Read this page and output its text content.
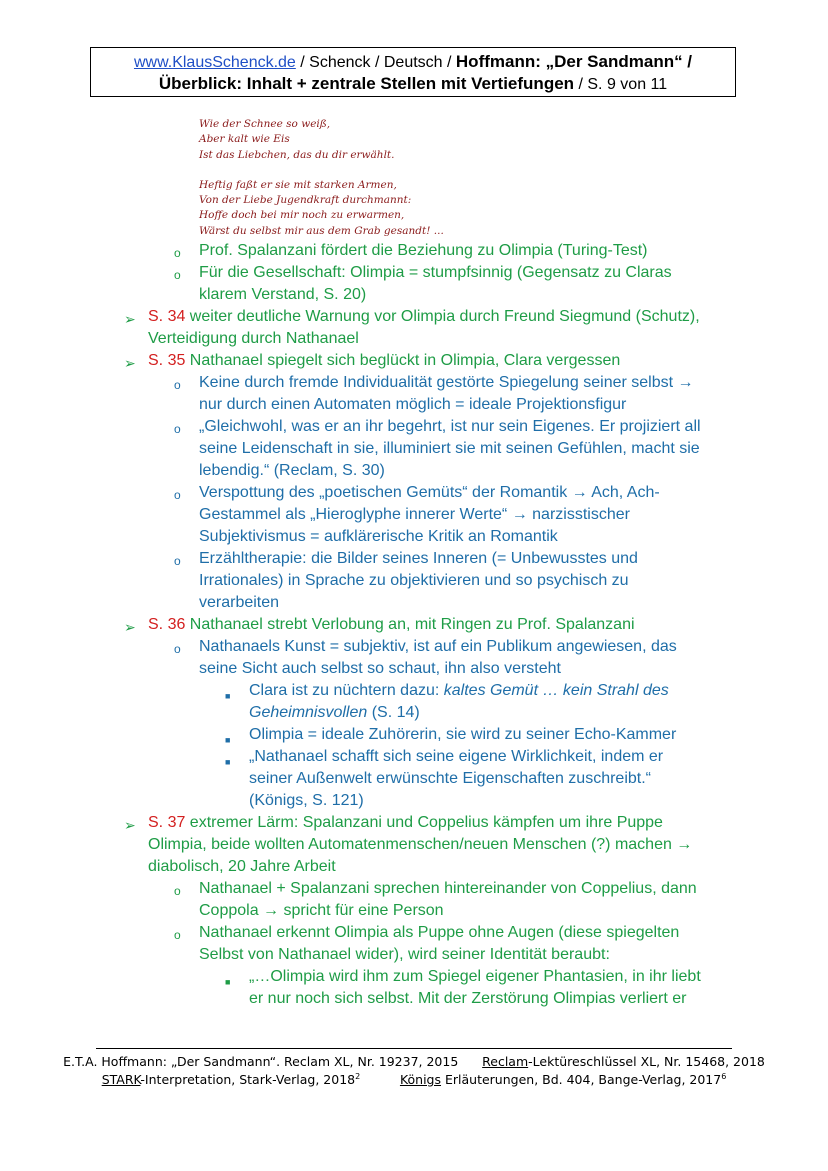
www.KlausSchenck.de / Schenck / Deutsch / Hoffmann: „Der Sandmann“ /
Überblick: Inhalt + zentrale Stellen mit Vertiefungen / S. 9 von 11
Wie der Schnee so weiß,
Aber kalt wie Eis
Ist das Liebchen, das du dir erwählt.
Heftig faßt er sie mit starken Armen,
Von der Liebe Jugendkraft durchmannt:
Hoffe doch bei mir noch zu erwarmen,
Wärst du selbst mir aus dem Grab gesandt! ...
o Prof. Spalanzani fördert die Beziehung zu Olimpia (Turing-Test)
o Für die Gesellschaft: Olimpia = stumpfsinnig (Gegensatz zu Claras
klarem Verstand, S. 20)
➢ S. 34 weiter deutliche Warnung vor Olimpia durch Freund Siegmund (Schutz),
Verteidigung durch Nathanael
➢ S. 35 Nathanael spiegelt sich beglückt in Olimpia, Clara vergessen
o Keine durch fremde Individualität gestörte Spiegelung seiner selbst →
nur durch einen Automaten möglich = ideale Projektionsfigur
o „Gleichwohl, was er an ihr begehrt, ist nur sein Eigenes. Er projiziert all
seine Leidenschaft in sie, illuminiert sie mit seinen Gefühlen, macht sie
lebendig.“ (Reclam, S. 30)
o Verspottung des „poetischen Gemüts“ der Romantik → Ach, Ach-
Gestammel als „Hieroglyphe innerer Werte“ → narzisstischer
Subjektivismus = aufklärerische Kritik an Romantik
o Erzähltherapie: die Bilder seines Inneren (= Unbewusstes und
Irrationales) in Sprache zu objektivieren und so psychisch zu
verarbeiten
➢ S. 36 Nathanael strebt Verlobung an, mit Ringen zu Prof. Spalanzani
o Nathanaels Kunst = subjektiv, ist auf ein Publikum angewiesen, das
seine Sicht auch selbst so schaut, ihn also versteht
■ Clara ist zu nüchtern dazu: kaltes Gemüt … kein Strahl des
Geheimnisvollen (S. 14)
■ Olimpia = ideale Zuhörerin, sie wird zu seiner Echo-Kammer
■ „Nathanael schafft sich seine eigene Wirklichkeit, indem er
seiner Außenwelt erwünschte Eigenschaften zuschreibt.“
(Königs, S. 121)
➢ S. 37 extremer Lärm: Spalanzani und Coppelius kämpfen um ihre Puppe
Olimpia, beide wollten Automatenmenschen/neuen Menschen (?) machen →
diabolisch, 20 Jahre Arbeit
o Nathanael + Spalanzani sprechen hintereinander von Coppelius, dann
Coppola → spricht für eine Person
o Nathanael erkennt Olimpia als Puppe ohne Augen (diese spiegelten
Selbst von Nathanael wider), wird seiner Identität beraubt:
■ „…Olimpia wird ihm zum Spiegel eigener Phantasien, in ihr liebt
er nur noch sich selbst. Mit der Zerstörung Olimpias verliert er
E.T.A. Hoffmann: „Der Sandmann“. Reclam XL, Nr. 19237, 2015      Reclam-Lektüreschlüssel XL, Nr. 15468, 2018
STARK-Interpretation, Stark-Verlag, 2018$^2$	Königs Erläuterungen, Bd. 404, Bange-Verlag, 2017$^6$
